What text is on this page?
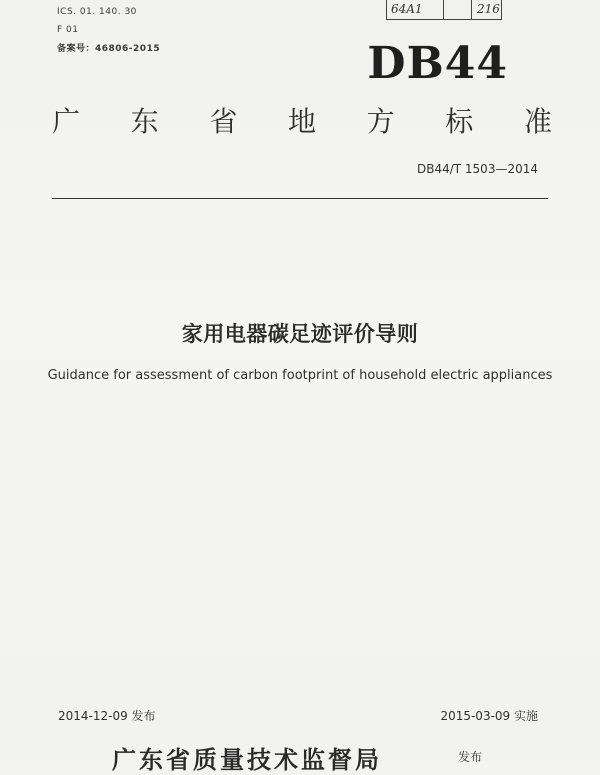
ICS. 01. 140. 30
F 01
备案号：46806-2015
64A1	216
DB44
广 东 省 地 方 标 准
DB44/T 1503—2014
家用电器碳足迹评价导则
Guidance for assessment of carbon footprint of household electric appliances
2014-12-09 发布	2015-03-09 实施
广东省质量技术监督局	发布
